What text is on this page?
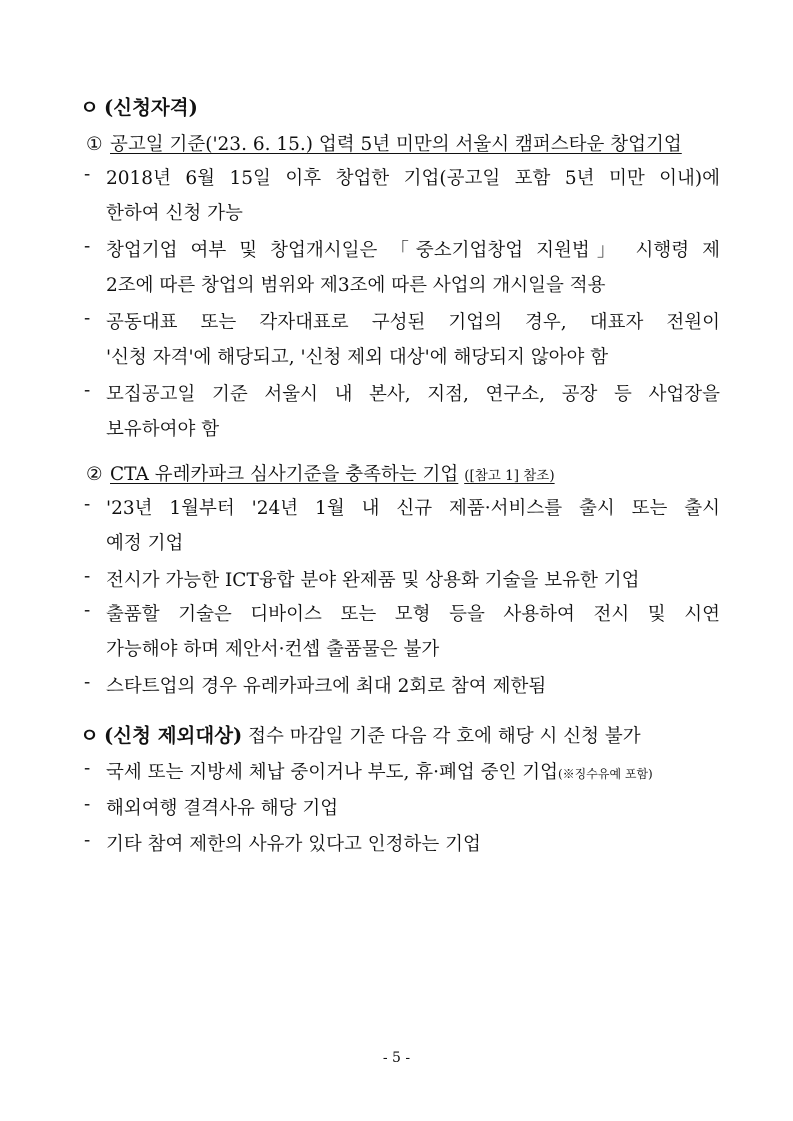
ㅇ (신청자격)
① 공고일 기준('23. 6. 15.) 업력 5년 미만의 서울시 캠퍼스타운 창업기업
- 2018년 6월 15일 이후 창업한 기업(공고일 포함 5년 미만 이내)에
한하여 신청 가능
- 창업기업 여부 및 창업개시일은 「중소기업창업 지원법」 시행령 제
2조에 따른 창업의 범위와 제3조에 따른 사업의 개시일을 적용
- 공동대표 또는 각자대표로 구성된 기업의 경우, 대표자 전원이
'신청 자격'에 해당되고, '신청 제외 대상'에 해당되지 않아야 함
- 모집공고일 기준 서울시 내 본사, 지점, 연구소, 공장 등 사업장을
보유하여야 함
② CTA 유레카파크 심사기준을 충족하는 기업 ([참고 1] 참조)
- '23년 1월부터 '24년 1월 내 신규 제품·서비스를 출시 또는 출시
예정 기업
- 전시가 가능한 ICT융합 분야 완제품 및 상용화 기술을 보유한 기업
- 출품할 기술은 디바이스 또는 모형 등을 사용하여 전시 및 시연
가능해야 하며 제안서·컨셉 출품물은 불가
- 스타트업의 경우 유레카파크에 최대 2회로 참여 제한됨
ㅇ (신청 제외대상) 접수 마감일 기준 다음 각 호에 해당 시 신청 불가
- 국세 또는 지방세 체납 중이거나 부도, 휴·폐업 중인 기업(※징수유예 포함)
- 해외여행 결격사유 해당 기업
- 기타 참여 제한의 사유가 있다고 인정하는 기업
- 5 -
